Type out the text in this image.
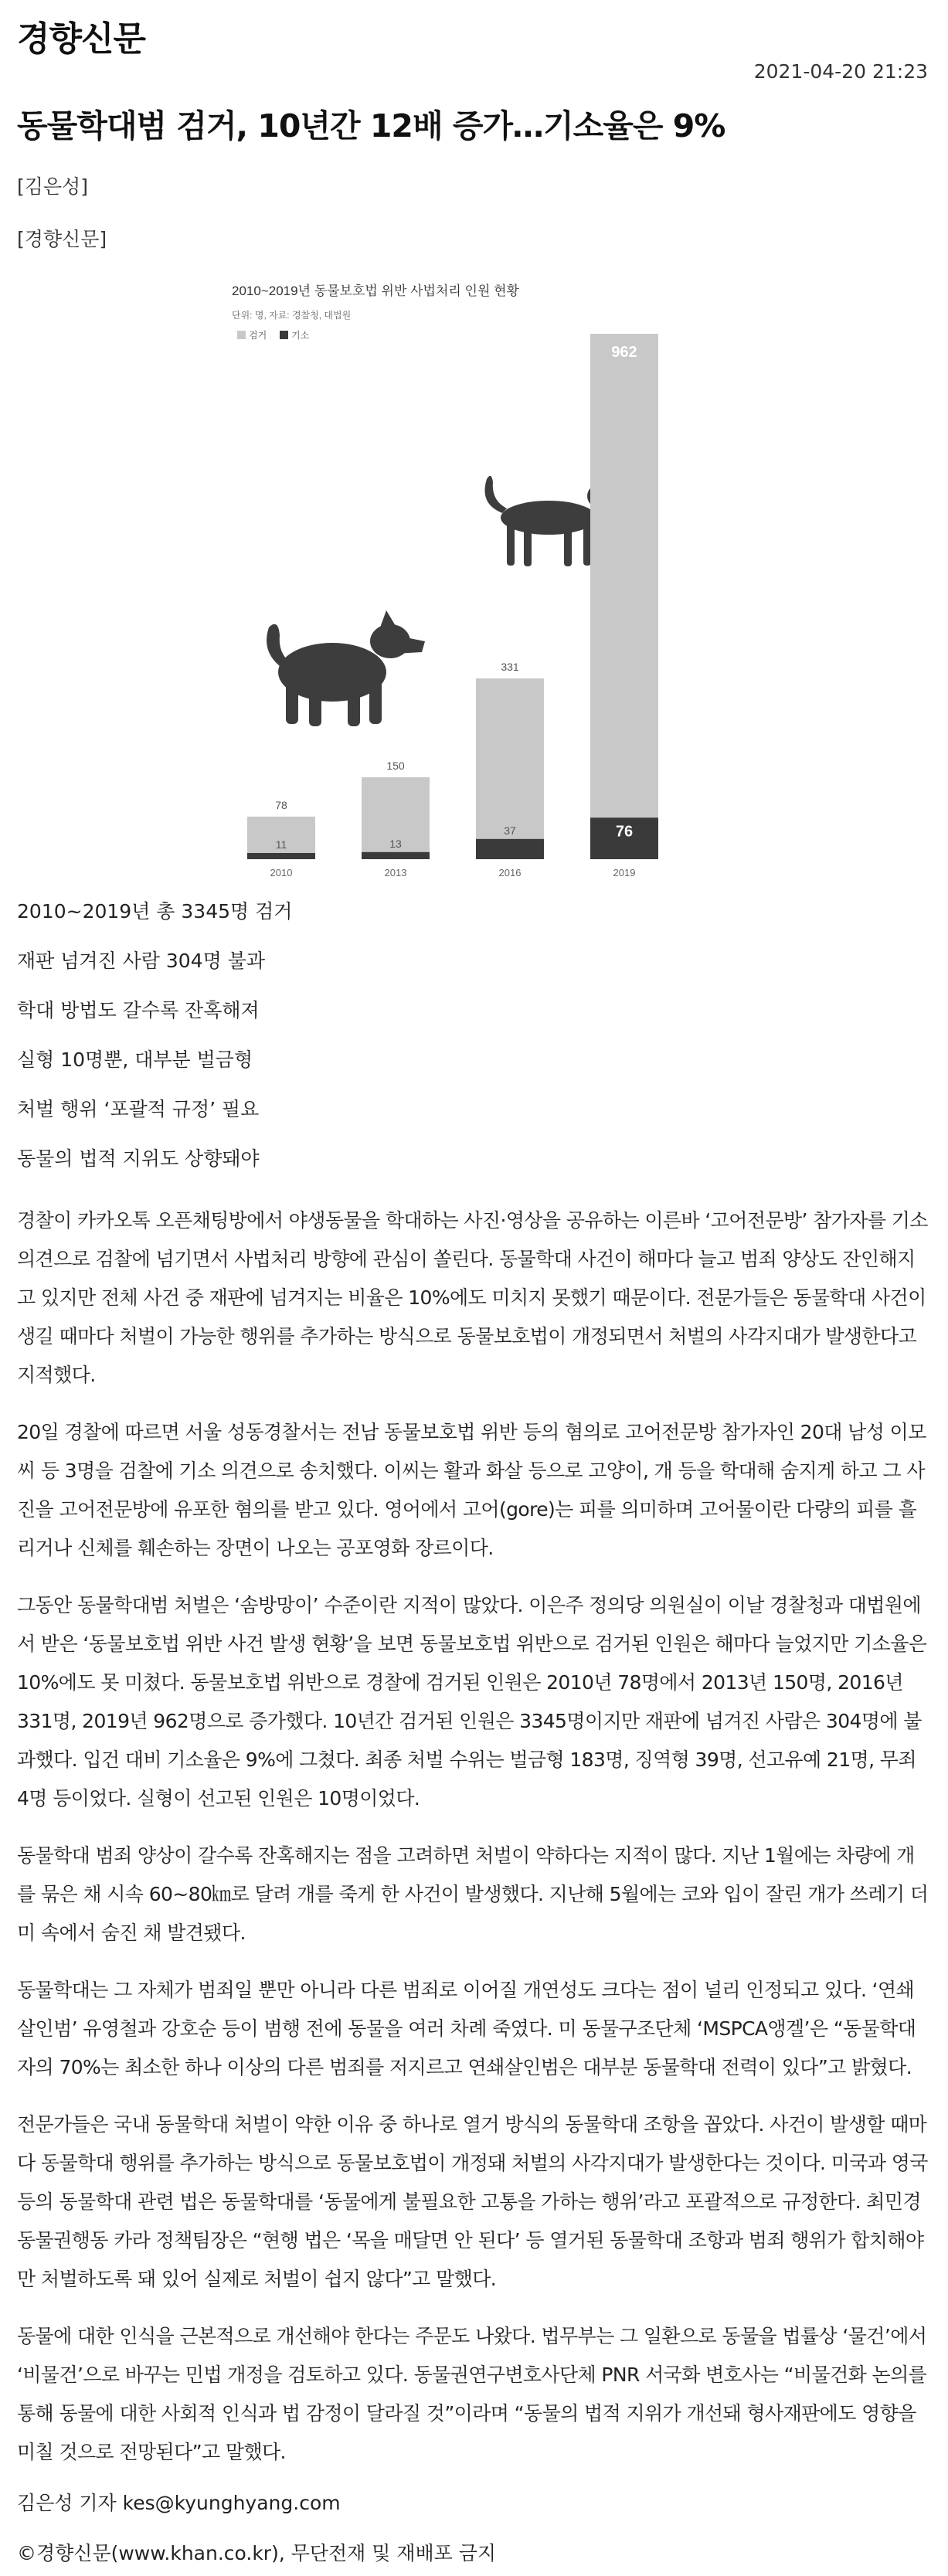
경향신문
2021-04-20 21:23
동물학대범 검거, 10년간 12배 증가…기소율은 9%
[김은성]
[경향신문]
78
11
2010
150
13
2013
331
37
2016
962
76
2019
검거	기소
2010~2019년 동물보호법 위반 사법처리 인원 현황
단위: 명, 자료: 경찰청, 대법원
2010~2019년 총 3345명 검거
재판 넘겨진 사람 304명 불과
학대 방법도 갈수록 잔혹해져
실형 10명뿐, 대부분 벌금형
처벌 행위 ‘포괄적 규정’ 필요
동물의 법적 지위도 상향돼야

경찰이 카카오톡 오픈채팅방에서 야생동물을 학대하는 사진·영상을 공유하는 이른바 ‘고어전문방’ 참가자를 기소 의견으로 검찰에 넘기면서 사법처리 방향에 관심이 쏠린다. 동물학대 사건이 해마다 늘고 범죄 양상도 잔인해지고 있지만 전체 사건 중 재판에 넘겨지는 비율은 10%에도 미치지 못했기 때문이다. 전문가들은 동물학대 사건이 생길 때마다 처벌이 가능한 행위를 추가하는 방식으로 동물보호법이 개정되면서 처벌의 사각지대가 발생한다고 지적했다.

20일 경찰에 따르면 서울 성동경찰서는 전남 동물보호법 위반 등의 혐의로 고어전문방 참가자인 20대 남성 이모씨 등 3명을 검찰에 기소 의견으로 송치했다. 이씨는 활과 화살 등으로 고양이, 개 등을 학대해 숨지게 하고 그 사진을 고어전문방에 유포한 혐의를 받고 있다. 영어에서 고어(gore)는 피를 의미하며 고어물이란 다량의 피를 흘리거나 신체를 훼손하는 장면이 나오는 공포영화 장르이다.

그동안 동물학대범 처벌은 ‘솜방망이’ 수준이란 지적이 많았다. 이은주 정의당 의원실이 이날 경찰청과 대법원에서 받은 ‘동물보호법 위반 사건 발생 현황’을 보면 동물보호법 위반으로 검거된 인원은 해마다 늘었지만 기소율은 10%에도 못 미쳤다. 동물보호법 위반으로 경찰에 검거된 인원은 2010년 78명에서 2013년 150명, 2016년 331명, 2019년 962명으로 증가했다. 10년간 검거된 인원은 3345명이지만 재판에 넘겨진 사람은 304명에 불과했다. 입건 대비 기소율은 9%에 그쳤다. 최종 처벌 수위는 벌금형 183명, 징역형 39명, 선고유예 21명, 무죄 4명 등이었다. 실형이 선고된 인원은 10명이었다.

동물학대 범죄 양상이 갈수록 잔혹해지는 점을 고려하면 처벌이 약하다는 지적이 많다. 지난 1월에는 차량에 개를 묶은 채 시속 60~80㎞로 달려 개를 죽게 한 사건이 발생했다. 지난해 5월에는 코와 입이 잘린 개가 쓰레기 더미 속에서 숨진 채 발견됐다.

동물학대는 그 자체가 범죄일 뿐만 아니라 다른 범죄로 이어질 개연성도 크다는 점이 널리 인정되고 있다. ‘연쇄살인범’ 유영철과 강호순 등이 범행 전에 동물을 여러 차례 죽였다. 미 동물구조단체 ‘MSPCA앵겔’은 “동물학대자의 70%는 최소한 하나 이상의 다른 범죄를 저지르고 연쇄살인범은 대부분 동물학대 전력이 있다”고 밝혔다.

전문가들은 국내 동물학대 처벌이 약한 이유 중 하나로 열거 방식의 동물학대 조항을 꼽았다. 사건이 발생할 때마다 동물학대 행위를 추가하는 방식으로 동물보호법이 개정돼 처벌의 사각지대가 발생한다는 것이다. 미국과 영국 등의 동물학대 관련 법은 동물학대를 ‘동물에게 불필요한 고통을 가하는 행위’라고 포괄적으로 규정한다. 최민경 동물권행동 카라 정책팀장은 “현행 법은 ‘목을 매달면 안 된다’ 등 열거된 동물학대 조항과 범죄 행위가 합치해야만 처벌하도록 돼 있어 실제로 처벌이 쉽지 않다”고 말했다.

동물에 대한 인식을 근본적으로 개선해야 한다는 주문도 나왔다. 법무부는 그 일환으로 동물을 법률상 ‘물건’에서 ‘비물건’으로 바꾸는 민법 개정을 검토하고 있다. 동물권연구변호사단체 PNR 서국화 변호사는 “비물건화 논의를 통해 동물에 대한 사회적 인식과 법 감정이 달라질 것”이라며 “동물의 법적 지위가 개선돼 형사재판에도 영향을 미칠 것으로 전망된다”고 말했다.

김은성 기자 kes@kyunghyang.com
©경향신문(www.khan.co.kr), 무단전재 및 재배포 금지
